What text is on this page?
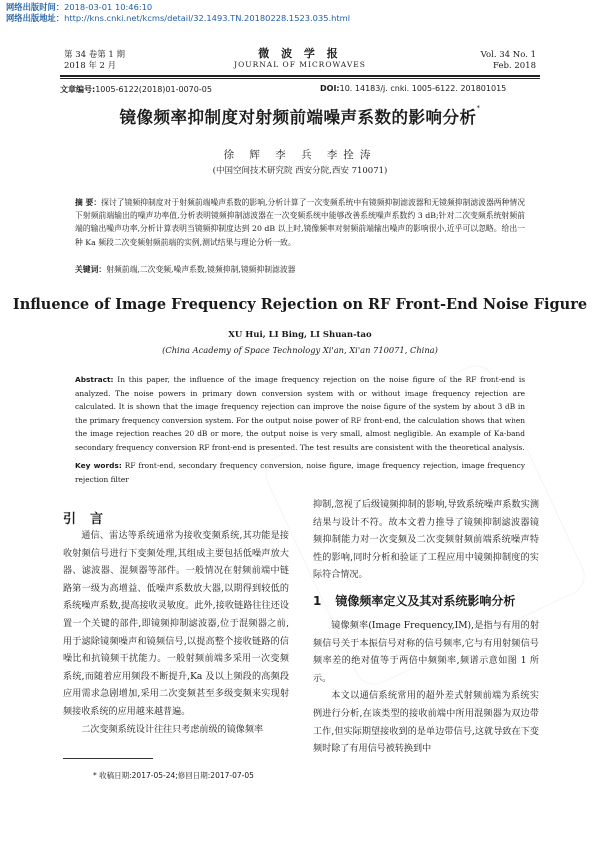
网络出版时间：2018-03-01 10:46:10
网络出版地址：http://kns.cnki.net/kcms/detail/32.1493.TN.20180228.1523.035.html
第 34 卷第 1 期
2018 年 2 月
微 波 学 报
JOURNAL OF MICROWAVES
Vol. 34 No. 1
Feb. 2018
文章编号:1005-6122(2018)01-0070-05	DOI:10. 14183/j. cnki. 1005-6122. 201801015
镜像频率抑制度对射频前端噪声系数的影响分析*
徐 辉 李 兵 李拴涛
(中国空间技术研究院 西安分院,西安 710071)
摘 要：探讨了镜频抑制度对于射频前端噪声系数的影响,分析计算了一次变频系统中有镜频抑制滤波器和无镜频抑制滤波器两种情况下射频前端输出的噪声功率值,分析表明镜频抑制滤波器在一次变频系统中能够改善系统噪声系数约 3 dB;针对二次变频系统射频前端的输出噪声功率,分析计算表明当镜频抑制度达到 20 dB 以上时,镜像频率对射频前端输出噪声的影响很小,近乎可以忽略。给出一种 Ka 频段二次变频射频前端的实例,测试结果与理论分析一致。
关键词：射频前端,二次变频,噪声系数,镜频抑制,镜频抑制滤波器
Influence of Image Frequency Rejection on RF Front-End Noise Figure
XU Hui, LI Bing, LI Shuan-tao
(China Academy of Space Technology Xi'an, Xi'an 710071, China)
Abstract: In this paper, the influence of the image frequency rejection on the noise figure of the RF front-end is analyzed. The noise powers in primary down conversion system with or without image frequency rejection are calculated. It is shown that the image frequency rejection can improve the noise figure of the system by about 3 dB in the primary frequency conversion system. For the output noise power of RF front-end, the calculation shows that when the image rejection reaches 20 dB or more, the output noise is very small, almost negligible. An example of Ka-band secondary frequency conversion RF front-end is presented. The test results are consistent with the theoretical analysis.
Key words: RF front-end, secondary frequency conversion, noise figure, image frequency rejection, image frequency rejection filter
引言

通信、雷达等系统通常为接收变频系统,其功能是接收射频信号进行下变频处理,其组成主要包括低噪声放大器、滤波器、混频器等部件。一般情况在射频前端中链路第一级为高增益、低噪声系数放大器,以期得到较低的系统噪声系数,提高接收灵敏度。此外,接收链路往往还设置一个关键的部件,即镜频抑制滤波器,位于混频器之前,用于滤除镜频噪声和镜频信号,以提高整个接收链路的信噪比和抗镜频干扰能力。一般射频前端多采用一次变频系统,而随着应用频段不断提升,Ka 及以上频段的高频段应用需求急剧增加,采用二次变频甚至多级变频来实现射频接收系统的应用越来越普遍。

二次变频系统设计往往只考虑前级的镜像频率

抑制,忽视了后级镜频抑制的影响,导致系统噪声系数实测结果与设计不符。故本文着力推导了镜频抑制滤波器镜频抑制能力对一次变频及二次变频射频前端系统噪声特性的影响,同时分析和验证了工程应用中镜频抑制度的实际符合情况。

1 镜像频率定义及其对系统影响分析

镜像频率(Image Frequency,IM),是指与有用的射频信号关于本振信号对称的信号频率,它与有用射频信号频率差的绝对值等于两倍中频频率,频谱示意如图 1 所示。

本文以通信系统常用的超外差式射频前端为系统实例进行分析,在该类型的接收前端中所用混频器为双边带工作,但实际期望接收到的是单边带信号,这就导致在下变频时除了有用信号被转换到中

* 收稿日期:2017-05-24;修回日期:2017-07-05
